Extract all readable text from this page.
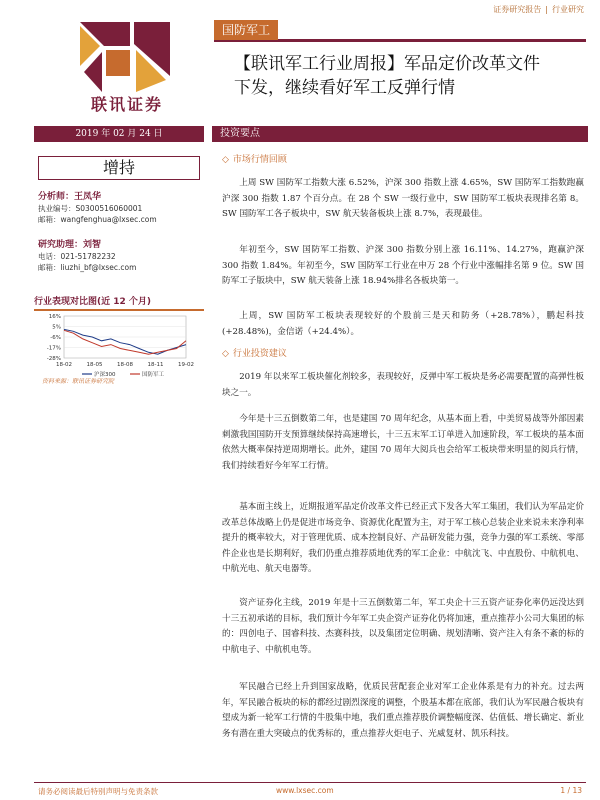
证券研究报告 | 行业研究
联讯证券
国防军工
【联讯军工行业周报】军品定价改革文件
下发，继续看好军工反弹行情
2019 年 02 月 24 日	投资要点
增持
分析师：王凤华
执业编号：S0300516060001
邮箱：wangfenghua@lxsec.com
研究助理：刘智
电话：021-51782232
邮箱：liuzhi_bf@lxsec.com
行业表现对比图(近 12 个月)
16%
5%
-6%
-17%
-28%
18-02	18-05	18-08	18-11	19-02
沪深300	国防军工
资料来源：联讯证券研究院
◇ 市场行情回顾
上周 SW 国防军工指数大涨 6.52%，沪深 300 指数上涨 4.65%，SW 国防军工指数跑赢沪深 300 指数 1.87 个百分点。在 28 个 SW 一级行业中，SW 国防军工板块表现排名第 8。SW 国防军工各子板块中，SW 航天装备板块上涨 8.7%，表现最佳。
年初至今，SW 国防军工指数、沪深 300 指数分别上涨 16.11%、14.27%，跑赢沪深 300 指数 1.84%。年初至今，SW 国防军工行业在申万 28 个行业中涨幅排名第 9 位。SW 国防军工子版块中，SW 航天装备上涨 18.94%排名各板块第一。
上周，SW 国防军工板块表现较好的个股前三是天和防务（+28.78%），鹏起科技(+28.48%)，金信诺（+24.4%）。
◇ 行业投资建议
2019 年以来军工板块催化剂较多，表现较好，反弹中军工板块是务必需要配置的高弹性板块之一。
今年是十三五倒数第二年，也是建国 70 周年纪念，从基本面上看，中美贸易战等外部因素刺激我国国防开支预算继续保持高速增长，十三五末军工订单进入加速阶段，军工板块的基本面依然大概率保持逆周期增长。此外，建国 70 周年大阅兵也会给军工板块带来明显的阅兵行情，我们持续看好今年军工行情。
基本面主线上，近期报道军品定价改革文件已经正式下发各大军工集团，我们认为军品定价改革总体战略上仍是促进市场竞争、资源优化配置为主，对于军工核心总装企业来说未来净利率提升的概率较大，对于管理优质、成本控制良好、产品研发能力强，竞争力强的军工系统、零部件企业也是长期利好，我们仍重点推荐质地优秀的军工企业：中航沈飞、中直股份、中航机电、中航光电、航天电器等。
资产证券化主线，2019 年是十三五倒数第二年，军工央企十三五资产证券化率仍远没达到十三五初承诺的目标，我们预计今年军工央企资产证券化仍将加速，重点推荐小公司大集团的标的：四创电子、国睿科技、杰赛科技，以及集团定位明确、规划清晰、资产注入有条不紊的标的中航电子、中航机电等。
军民融合已经上升到国家战略，优质民营配套企业对军工企业体系是有力的补充。过去两年，军民融合板块的标的都经过剧烈深度的调整，个股基本都在底部，我们认为军民融合板块有望成为新一轮军工行情的牛股集中地，我们重点推荐股价调整幅度深、估值低、增长确定、新业务有潜在重大突破点的优秀标的，重点推荐火炬电子、光威复材、凯乐科技。
请务必阅读最后特别声明与免责条款	www.lxsec.com	1 / 13
